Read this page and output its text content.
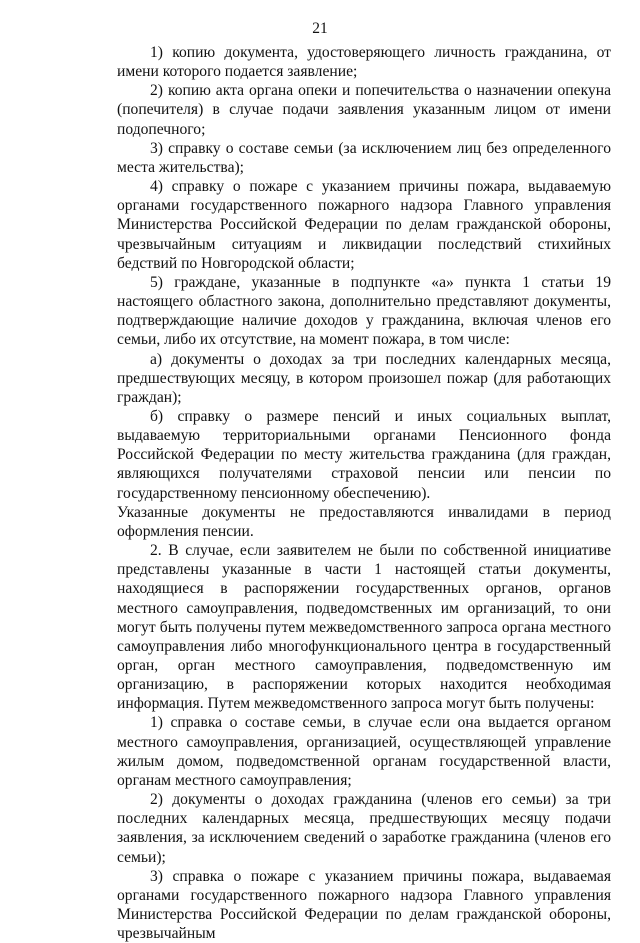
21

1) копию документа, удостоверяющего личность гражданина, от имени которого подается заявление;

2) копию акта органа опеки и попечительства о назначении опекуна (попечителя) в случае подачи заявления указанным лицом от имени подопечного;

3) справку о составе семьи (за исключением лиц без определенного места жительства);

4) справку о пожаре с указанием причины пожара, выдаваемую органами государственного пожарного надзора Главного управления Министерства Российской Федерации по делам гражданской обороны, чрезвычайным ситуациям и ликвидации последствий стихийных бедствий по Новгородской области;

5) граждане, указанные в подпункте «а» пункта 1 статьи 19 настоящего областного закона, дополнительно представляют документы, подтверждающие наличие доходов у гражданина, включая членов его семьи, либо их отсутствие, на момент пожара, в том числе:

а) документы о доходах за три последних календарных месяца, предшествующих месяцу, в котором произошел пожар (для работающих граждан);

б) справку о размере пенсий и иных социальных выплат, выдаваемую территориальными органами Пенсионного фонда Российской Федерации по месту жительства гражданина (для граждан, являющихся получателями страховой пенсии или пенсии по государственному пенсионному обеспечению).

Указанные документы не предоставляются инвалидами в период оформления пенсии.

2. В случае, если заявителем не были по собственной инициативе представлены указанные в части 1 настоящей статьи документы, находящиеся в распоряжении государственных органов, органов местного самоуправления, подведомственных им организаций, то они могут быть получены путем межведомственного запроса органа местного самоуправления либо многофункционального центра в государственный орган, орган местного самоуправления, подведомственную им организацию, в распоряжении которых находится необходимая информация. Путем межведомственного запроса могут быть получены:

1) справка о составе семьи, в случае если она выдается органом местного самоуправления, организацией, осуществляющей управление жилым домом, подведомственной органам государственной власти, органам местного самоуправления;

2) документы о доходах гражданина (членов его семьи) за три последних календарных месяца, предшествующих месяцу подачи заявления, за исключением сведений о заработке гражданина (членов его семьи);

3) справка о пожаре с указанием причины пожара, выдаваемая органами государственного пожарного надзора Главного управления Министерства Российской Федерации по делам гражданской обороны, чрезвычайным
